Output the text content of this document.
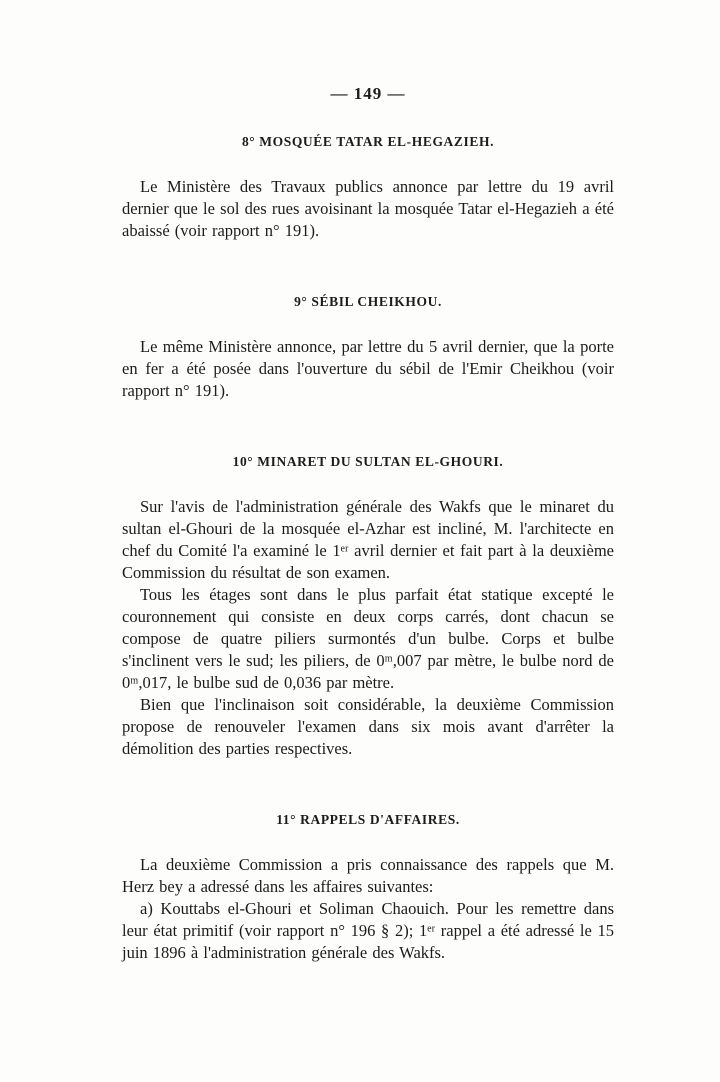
— 149 —
8° MOSQUÉE TATAR EL-HEGAZIEH.

Le Ministère des Travaux publics annonce par lettre du 19 avril dernier que le sol des rues avoisinant la mosquée Tatar el-Hegazieh a été abaissé (voir rapport n° 191).

9° SÉBIL CHEIKHOU.

Le même Ministère annonce, par lettre du 5 avril dernier, que la porte en fer a été posée dans l'ouverture du sébil de l'Emir Cheikhou (voir rapport n° 191).

10° MINARET DU SULTAN EL-GHOURI.

Sur l'avis de l'administration générale des Wakfs que le minaret du sultan el-Ghouri de la mosquée el-Azhar est incliné, M. l'architecte en chef du Comité l'a examiné le 1ᵉʳ avril dernier et fait part à la deuxième Commission du résultat de son examen.

Tous les étages sont dans le plus parfait état statique excepté le couronnement qui consiste en deux corps carrés, dont chacun se compose de quatre piliers surmontés d'un bulbe. Corps et bulbe s'inclinent vers le sud; les piliers, de 0ᵐ,007 par mètre, le bulbe nord de 0ᵐ,017, le bulbe sud de 0,036 par mètre.

Bien que l'inclinaison soit considérable, la deuxième Commission propose de renouveler l'examen dans six mois avant d'arrêter la démolition des parties respectives.

11° RAPPELS D'AFFAIRES.

La deuxième Commission a pris connaissance des rappels que M. Herz bey a adressé dans les affaires suivantes:

a) Kouttabs el-Ghouri et Soliman Chaouich. Pour les remettre dans leur état primitif (voir rapport n° 196 § 2); 1ᵉʳ rappel a été adressé le 15 juin 1896 à l'administration générale des Wakfs.
